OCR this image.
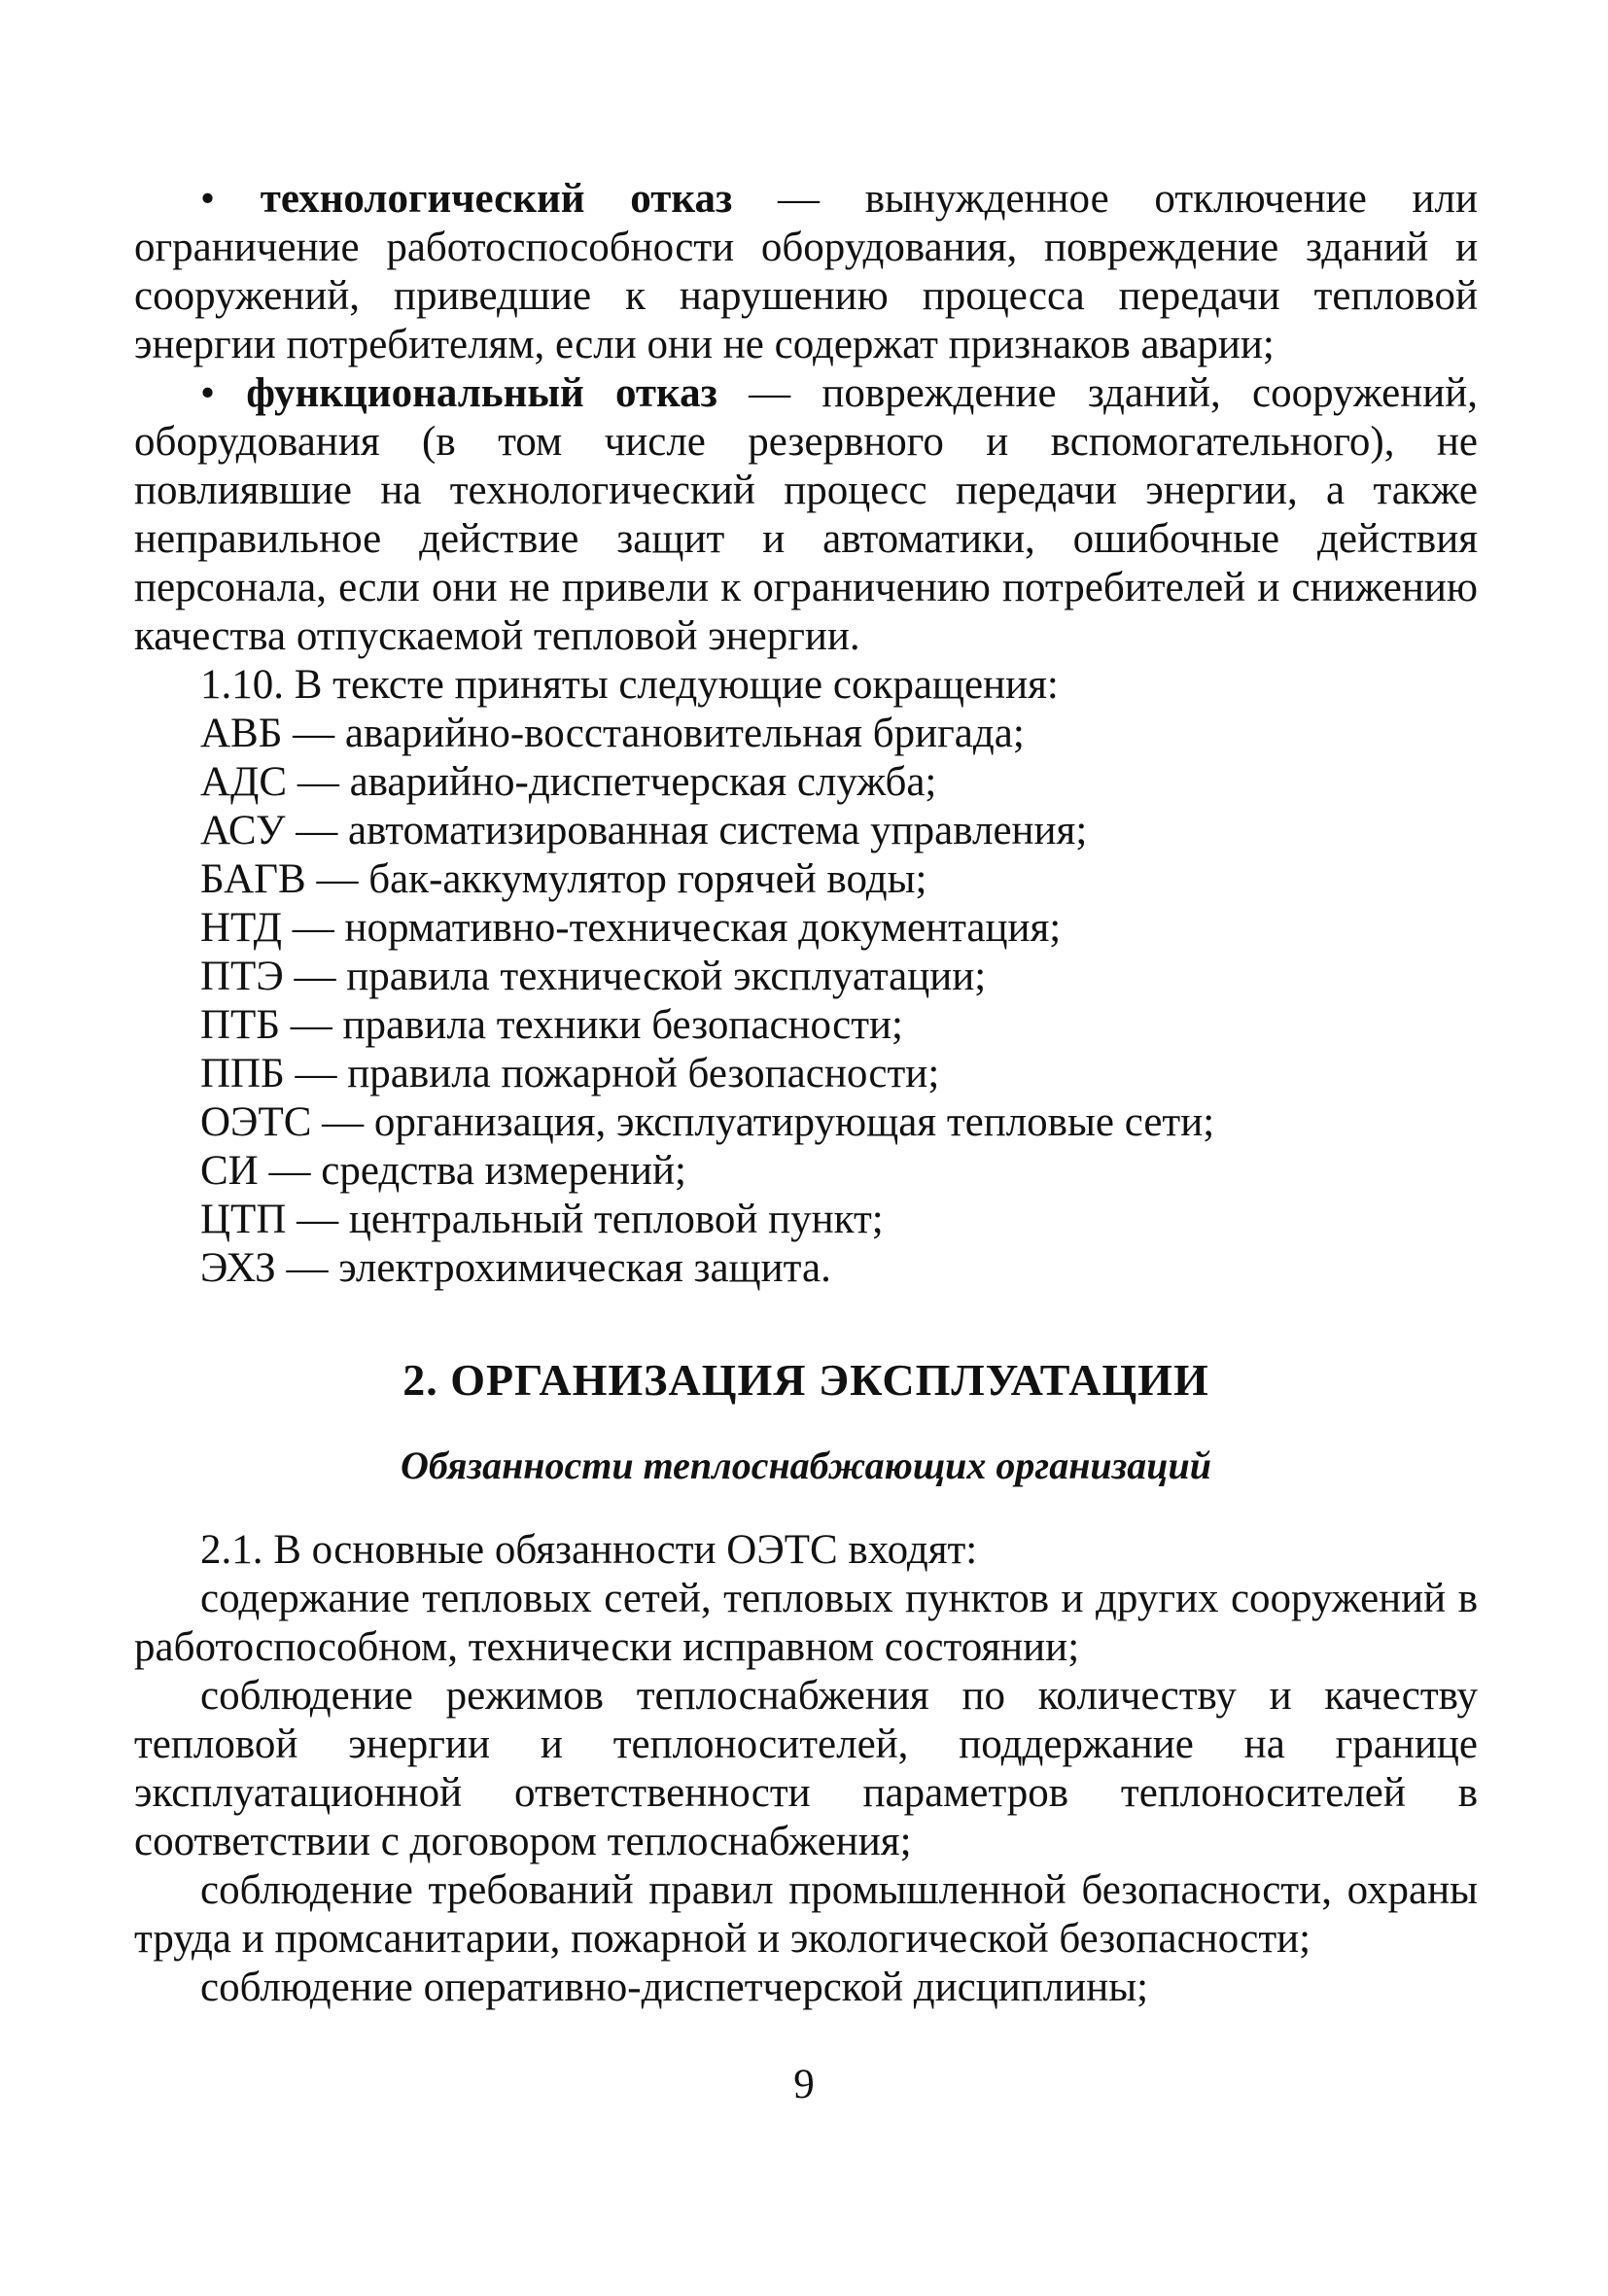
• технологический отказ — вынужденное отключение или ограничение работоспособности оборудования, повреждение зданий и сооружений, приведшие к нарушению процесса передачи тепловой энергии потребителям, если они не содержат признаков аварии;

• функциональный отказ — повреждение зданий, сооружений, оборудования (в том числе резервного и вспомогательного), не повлиявшие на технологический процесс передачи энергии, а также неправильное действие защит и автоматики, ошибочные действия персонала, если они не привели к ограничению потребителей и снижению качества отпускаемой тепловой энергии.

1.10. В тексте приняты следующие сокращения:

АВБ — аварийно-восстановительная бригада;
АДС — аварийно-диспетчерская служба;
АСУ — автоматизированная система управления;
БАГВ — бак-аккумулятор горячей воды;
НТД — нормативно-техническая документация;
ПТЭ — правила технической эксплуатации;
ПТБ — правила техники безопасности;
ППБ — правила пожарной безопасности;
ОЭТС — организация, эксплуатирующая тепловые сети;
СИ — средства измерений;
ЦТП — центральный тепловой пункт;
ЭХЗ — электрохимическая защита.
2. ОРГАНИЗАЦИЯ ЭКСПЛУАТАЦИИ
Обязанности теплоснабжающих организаций

2.1. В основные обязанности ОЭТС входят:

содержание тепловых сетей, тепловых пунктов и других сооружений в работоспособном, технически исправном состоянии;

соблюдение режимов теплоснабжения по количеству и качеству тепловой энергии и теплоносителей, поддержание на границе эксплуатационной ответственности параметров теплоносителей в соответствии с договором теплоснабжения;

соблюдение требований правил промышленной безопасности, охраны труда и промсанитарии, пожарной и экологической безопасности;

соблюдение оперативно-диспетчерской дисциплины;

9
